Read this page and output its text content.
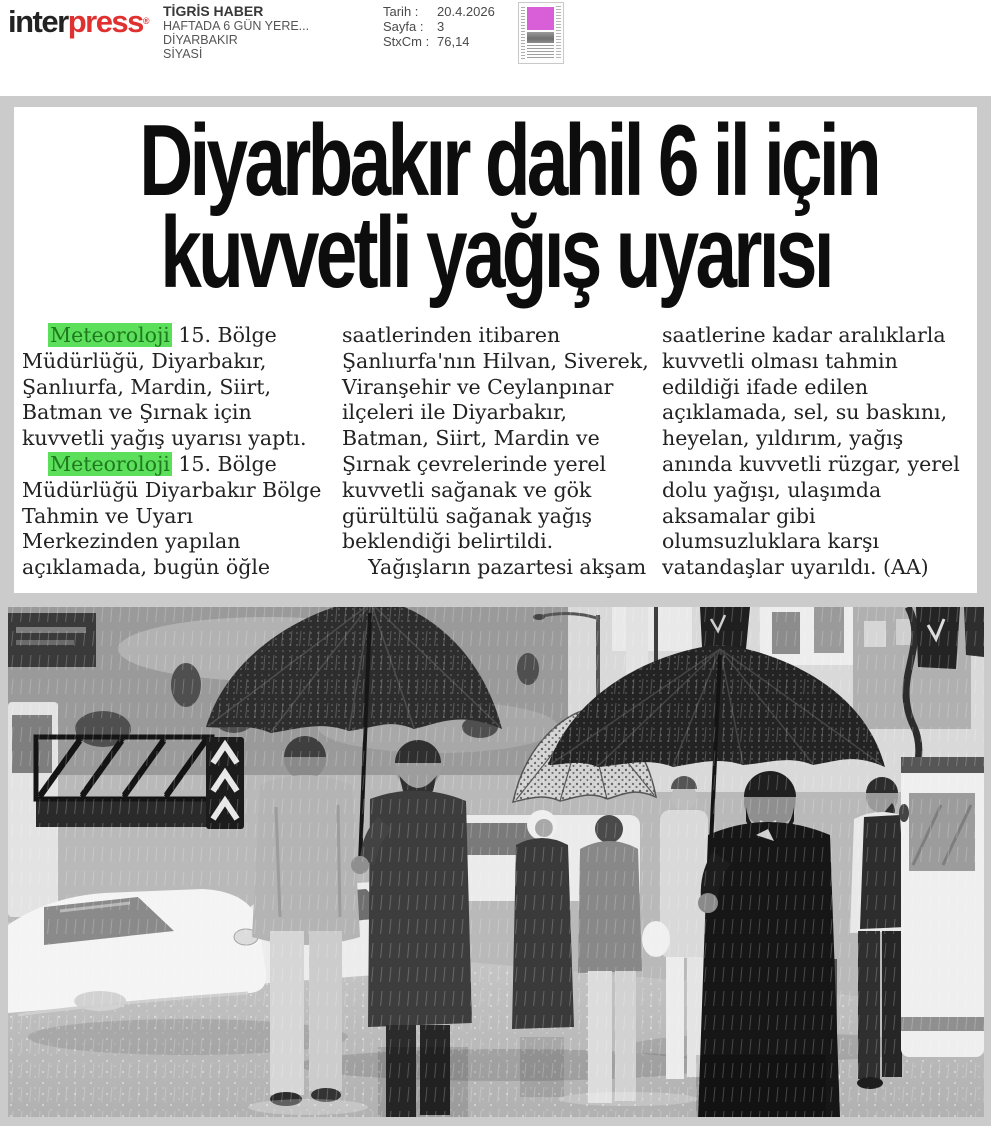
interpress®
TİGRİS HABER
HAFTADA 6 GÜN YERE...
DİYARBAKIR
SİYASİ
Tarih :	20.4.2026
Sayfa :	3
StxCm : 76,14
Diyarbakır dahil 6 il için
kuvvetli yağış uyarısı
Meteoroloji 15. Bölge
Müdürlüğü, Diyarbakır,
Şanlıurfa, Mardin, Siirt,
Batman ve Şırnak için
kuvvetli yağış uyarısı yaptı.
Meteoroloji 15. Bölge
Müdürlüğü Diyarbakır Bölge
Tahmin ve Uyarı
Merkezinden yapılan
açıklamada, bugün öğle
saatlerinden itibaren
Şanlıurfa'nın Hilvan, Siverek,
Viranşehir ve Ceylanpınar
ilçeleri ile Diyarbakır,
Batman, Siirt, Mardin ve
Şırnak çevrelerinde yerel
kuvvetli sağanak ve gök
gürültülü sağanak yağış
beklendiği belirtildi.
Yağışların pazartesi akşam
saatlerine kadar aralıklarla
kuvvetli olması tahmin
edildiği ifade edilen
açıklamada, sel, su baskını,
heyelan, yıldırım, yağış
anında kuvvetli rüzgar, yerel
dolu yağışı, ulaşımda
aksamalar gibi
olumsuzluklara karşı
vatandaşlar uyarıldı. (AA)
